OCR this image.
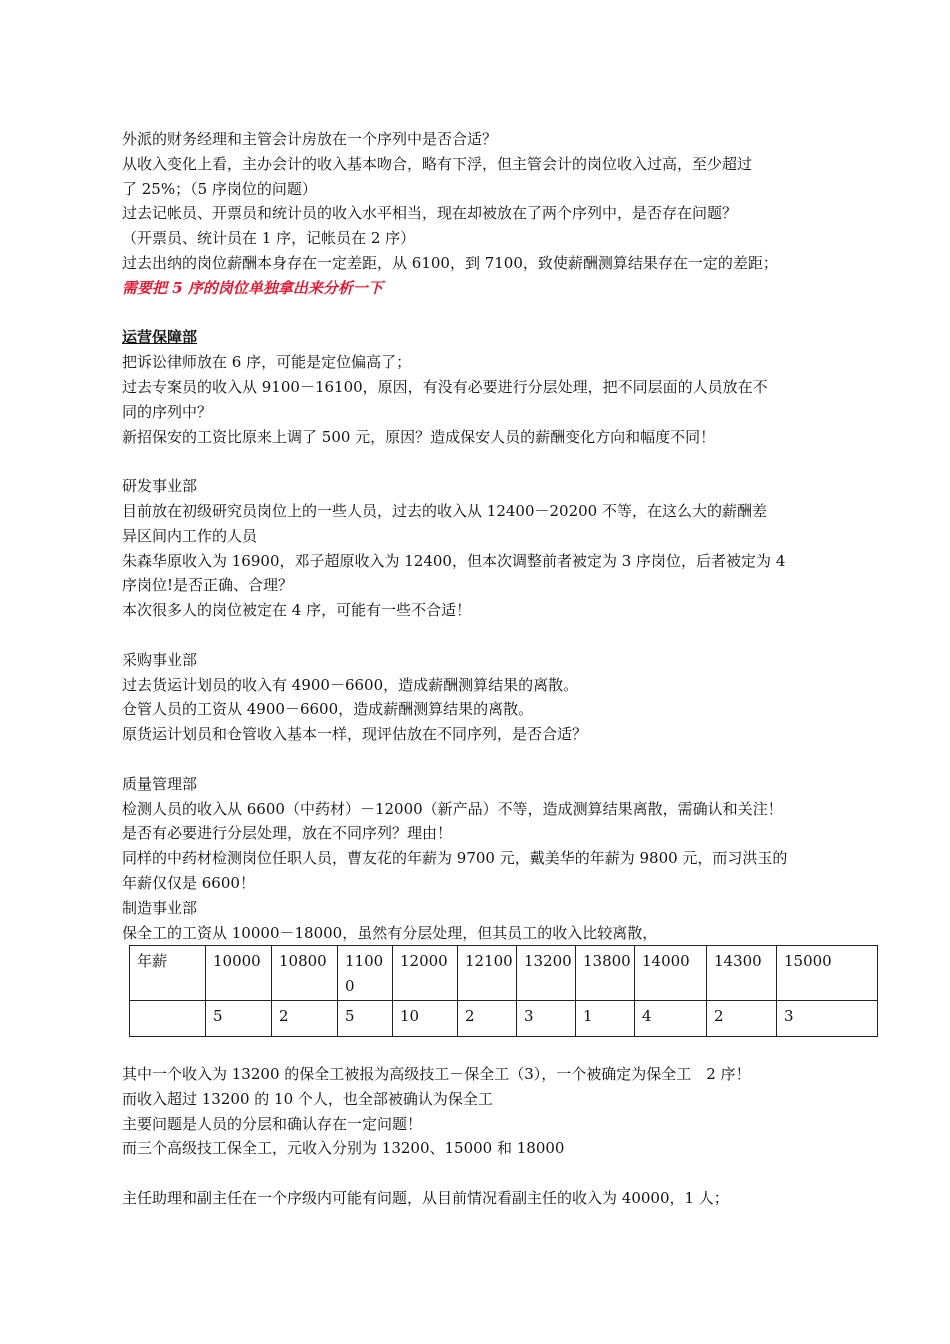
外派的财务经理和主管会计房放在一个序列中是否合适？
从收入变化上看，主办会计的收入基本吻合，略有下浮，但主管会计的岗位收入过高，至少超过
了 25%；（5 序岗位的问题）
过去记帐员、开票员和统计员的收入水平相当，现在却被放在了两个序列中，是否存在问题？
（开票员、统计员在 1 序，记帐员在 2 序）
过去出纳的岗位薪酬本身存在一定差距，从 6100，到 7100，致使薪酬测算结果存在一定的差距；
需要把 5 序的岗位单独拿出来分析一下
运营保障部
把诉讼律师放在 6 序，可能是定位偏高了；
过去专案员的收入从 9100－16100，原因，有没有必要进行分层处理，把不同层面的人员放在不
同的序列中？
新招保安的工资比原来上调了 500 元，原因？造成保安人员的薪酬变化方向和幅度不同！
研发事业部
目前放在初级研究员岗位上的一些人员，过去的收入从 12400－20200 不等，在这么大的薪酬差
异区间内工作的人员
朱森华原收入为 16900，邓子超原收入为 12400，但本次调整前者被定为 3 序岗位，后者被定为 4
序岗位!是否正确、合理？
本次很多人的岗位被定在 4 序，可能有一些不合适！
采购事业部
过去货运计划员的收入有 4900－6600，造成薪酬测算结果的离散。
仓管人员的工资从 4900－6600，造成薪酬测算结果的离散。
原货运计划员和仓管收入基本一样，现评估放在不同序列，是否合适？
质量管理部
检测人员的收入从 6600（中药材）－12000（新产品）不等，造成测算结果离散，需确认和关注！
是否有必要进行分层处理，放在不同序列？理由！
同样的中药材检测岗位任职人员，曹友花的年薪为 9700 元，戴美华的年薪为 9800 元，而习洪玉的
年薪仅仅是 6600！
制造事业部
保全工的工资从 10000－18000，虽然有分层处理，但其员工的收入比较离散，
年薪	10000	10800	11000	12000	12100	13200	13800	14000	14300	15000
	5	2	5	10	2	3	1	4	2	3
其中一个收入为 13200 的保全工被报为高级技工－保全工（3），一个被确定为保全工　2 序！
而收入超过 13200 的 10 个人，也全部被确认为保全工
主要问题是人员的分层和确认存在一定问题！
而三个高级技工保全工，元收入分别为 13200、15000 和 18000
主任助理和副主任在一个序级内可能有问题，从目前情况看副主任的收入为 40000，1 人；
